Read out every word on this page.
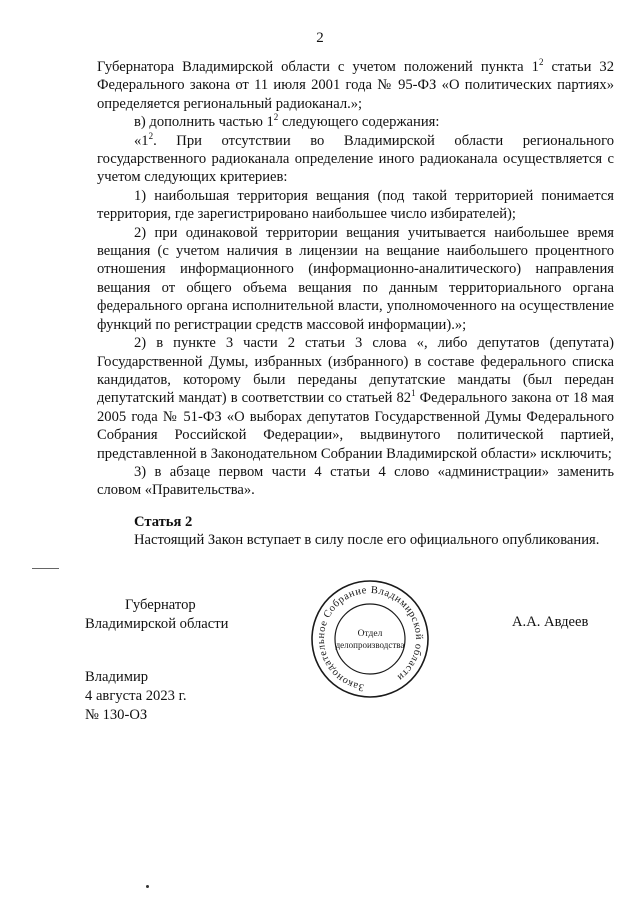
2

Губернатора Владимирской области с учетом положений пункта $1^2$ статьи 32 Федерального закона от 11 июля 2001 года № 95-ФЗ «О политических партиях» определяется региональный радиоканал.»;

в) дополнить частью $1^2$ следующего содержания:

«$1^2$. При отсутствии во Владимирской области регионального государственного радиоканала определение иного радиоканала осуществляется с учетом следующих критериев:

1) наибольшая территория вещания (под такой территорией понимается территория, где зарегистрировано наибольшее число избирателей);

2) при одинаковой территории вещания учитывается наибольшее время вещания (с учетом наличия в лицензии на вещание наибольшего процентного отношения информационного (информационно-аналитического) направления вещания от общего объема вещания по данным территориального органа федерального органа исполнительной власти, уполномоченного на осуществление функций по регистрации средств массовой информации).»;

2) в пункте 3 части 2 статьи 3 слова «, либо депутатов (депутата) Государственной Думы, избранных (избранного) в составе федерального списка кандидатов, которому были переданы депутатские мандаты (был передан депутатский мандат) в соответствии со статьей $82^1$ Федерального закона от 18 мая 2005 года № 51-ФЗ «О выборах депутатов Государственной Думы Федерального Собрания Российской Федерации», выдвинутого политической партией, представленной в Законодательном Собрании Владимирской области» исключить;

3) в абзаце первом части 4 статьи 4 слово «администрации» заменить словом «Правительства».

Статья 2

Настоящий Закон вступает в силу после его официального опубликования.

Губернатор
Владимирской области	А.А. Авдеев
Законодательное Собрание Владимирской области
Отдел
делопроизводства
Владимир
4 августа 2023 г.
№ 130-ОЗ
